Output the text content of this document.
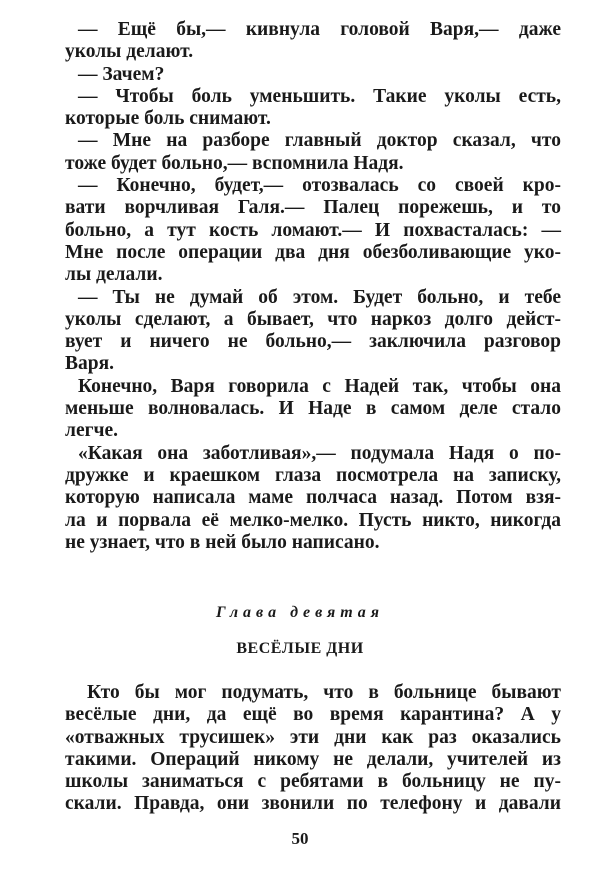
— Ещё бы,— кивнула головой Варя,— даже
уколы делают.
— Зачем?
— Чтобы боль уменьшить. Такие уколы есть,
которые боль снимают.
— Мне на разборе главный доктор сказал, что
тоже будет больно,— вспомнила Надя.
— Конечно, будет,— отозвалась со своей кро-
вати ворчливая Галя.— Палец порежешь, и то
больно, а тут кость ломают.— И похвасталась: —
Мне после операции два дня обезболивающие уко-
лы делали.
— Ты не думай об этом. Будет больно, и тебе
уколы сделают, а бывает, что наркоз долго дейст-
вует и ничего не больно,— заключила разговор
Варя.
Конечно, Варя говорила с Надей так, чтобы она
меньше волновалась. И Наде в самом деле стало
легче.
«Какая она заботливая»,— подумала Надя о по-
дружке и краешком глаза посмотрела на записку,
которую написала маме полчаса назад. Потом взя-
ла и порвала её мелко-мелко. Пусть никто, никогда
не узнает, что в ней было написано.
Глава девятая
ВЕСЁЛЫЕ ДНИ
Кто бы мог подумать, что в больнице бывают
весёлые дни, да ещё во время карантина? А у
«отважных трусишек» эти дни как раз оказались
такими. Операций никому не делали, учителей из
школы заниматься с ребятами в больницу не пу-
скали. Правда, они звонили по телефону и давали
50
